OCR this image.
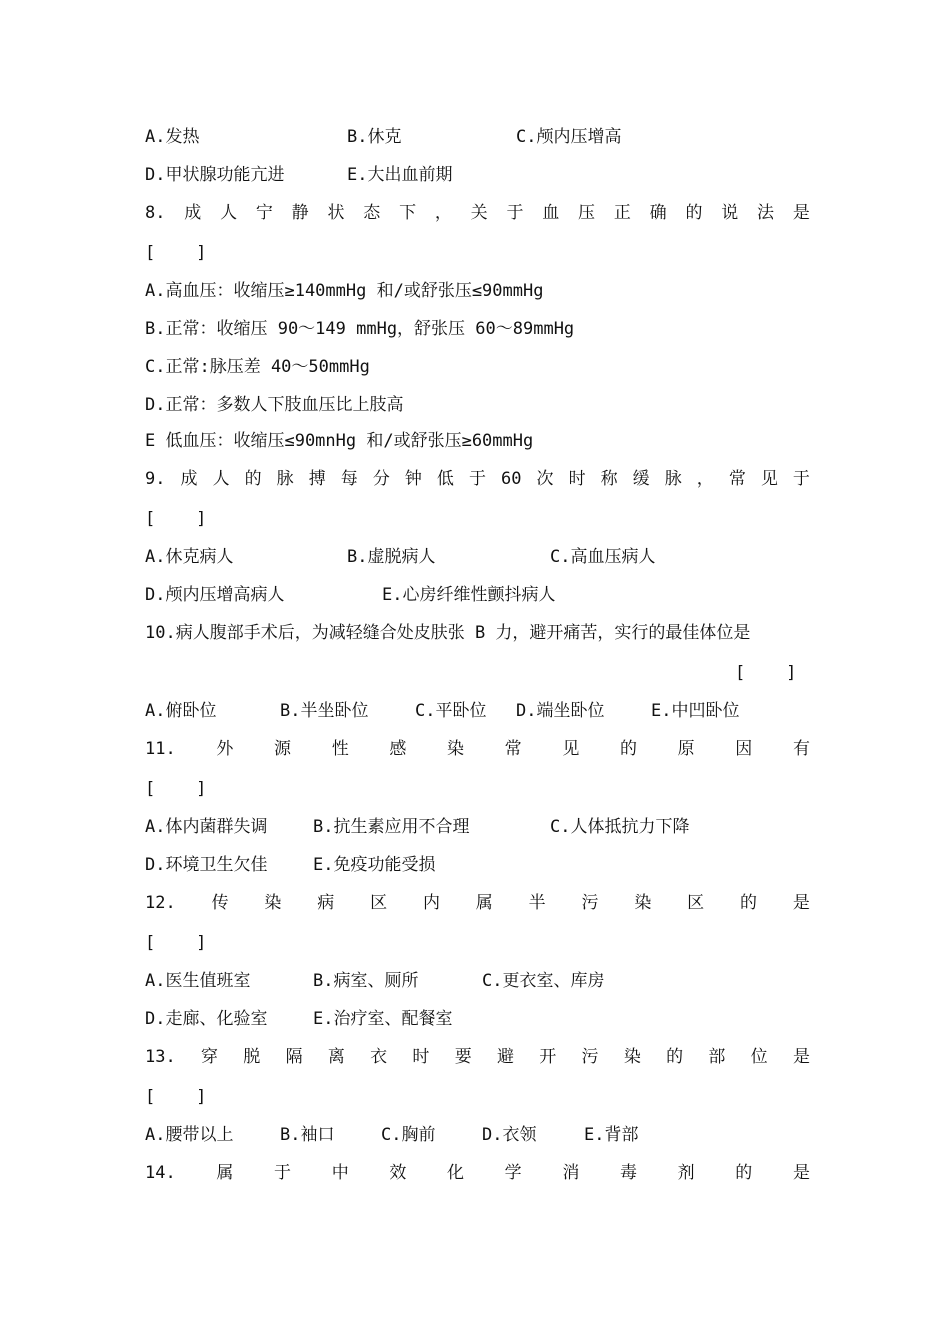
A.发热	B.休克	C.颅内压增高
D.甲状腺功能亢进	E.大出血前期
8. 成 人 宁 静 状 态 下 ， 关 于 血 压 正 确 的 说 法 是
[    ]
A.高血压：收缩压≥140mmHg 和/或舒张压≤90mmHg
B.正常：收缩压 90～149 mmHg，舒张压 60～89mmHg
C.正常:脉压差 40～50mmHg
D.正常：多数人下肢血压比上肢高
E 低血压：收缩压≤90mnHg 和/或舒张压≥60mmHg
9. 成 人 的 脉 搏 每 分 钟 低 于 60 次 时 称 缓 脉 ， 常 见 于
[    ]
A.休克病人	B.虚脱病人	C.高血压病人
D.颅内压增高病人	E.心房纤维性颤抖病人
10.病人腹部手术后，为减轻缝合处皮肤张 B 力，避开痛苦，实行的最佳体位是
[    ]
A.俯卧位	B.半坐卧位	C.平卧位 D.端坐卧位	E.中凹卧位
11. 外 源 性 感 染 常 见 的 原 因 有
[    ]
A.体内菌群失调	B.抗生素应用不合理	C.人体抵抗力下降
D.环境卫生欠佳	E.免疫功能受损
12. 传 染 病 区 内 属 半 污 染 区 的 是
[    ]
A.医生值班室	B.病室、厕所	C.更衣室、库房
D.走廊、化验室	E.治疗室、配餐室
13. 穿 脱 隔 离 衣 时 要 避 开 污 染 的 部 位 是
[    ]
A.腰带以上	B.袖口	C.胸前	D.衣领	E.背部
14. 属 于 中 效 化 学 消 毒 剂 的 是
